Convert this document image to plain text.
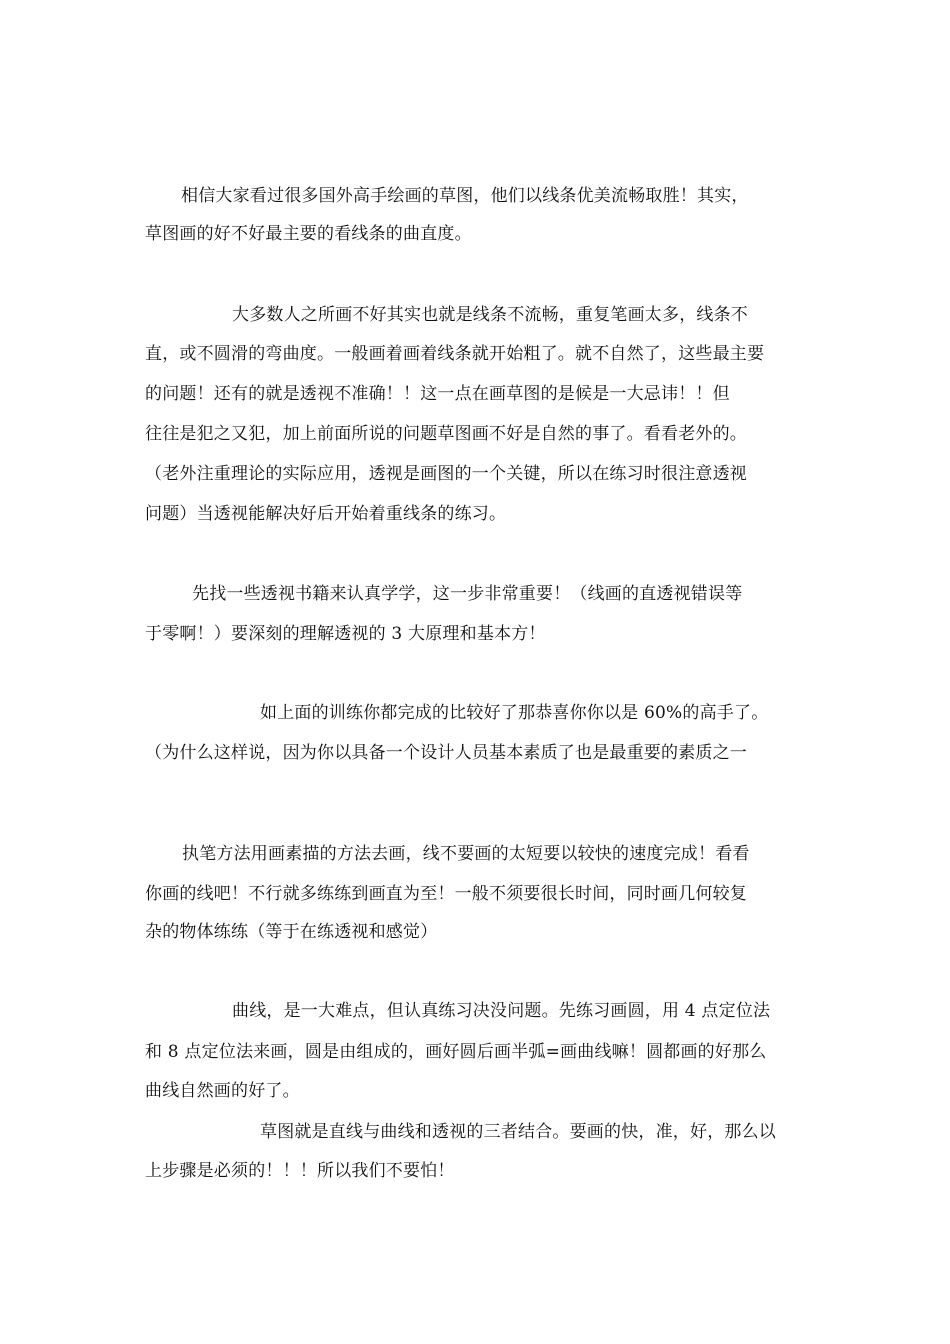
相信大家看过很多国外高手绘画的草图，他们以线条优美流畅取胜！其实，
草图画的好不好最主要的看线条的曲直度。
大多数人之所画不好其实也就是线条不流畅，重复笔画太多，线条不
直，或不圆滑的弯曲度。一般画着画着线条就开始粗了。就不自然了，这些最主要
的问题！还有的就是透视不准确！！这一点在画草图的是候是一大忌讳！！但
往往是犯之又犯，加上前面所说的问题草图画不好是自然的事了。看看老外的。
（老外注重理论的实际应用，透视是画图的一个关键，所以在练习时很注意透视
问题）当透视能解决好后开始着重线条的练习。
先找一些透视书籍来认真学学，这一步非常重要！（线画的直透视错误等
于零啊！）要深刻的理解透视的 3 大原理和基本方！
如上面的训练你都完成的比较好了那恭喜你你以是 60%的高手了。
（为什么这样说，因为你以具备一个设计人员基本素质了也是最重要的素质之一
执笔方法用画素描的方法去画，线不要画的太短要以较快的速度完成！看看
你画的线吧！不行就多练练到画直为至！一般不须要很长时间，同时画几何较复
杂的物体练练（等于在练透视和感觉）
曲线，是一大难点，但认真练习决没问题。先练习画圆，用 4 点定位法
和 8 点定位法来画，圆是由组成的，画好圆后画半弧=画曲线嘛！圆都画的好那么
曲线自然画的好了。
草图就是直线与曲线和透视的三者结合。要画的快，准，好，那么以
上步骤是必须的！！！所以我们不要怕！
